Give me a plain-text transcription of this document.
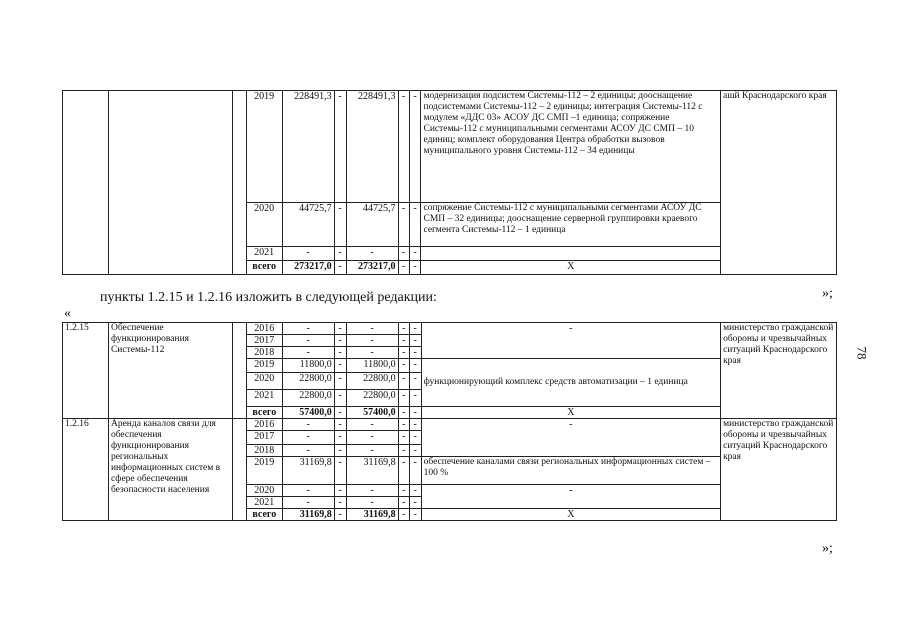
			2019	228491,3	-	228491,3	-	-	модернизация подсистем Системы-112 – 2 единицы; дооснащение подсистемами Системы-112 – 2 единицы; интеграция Системы-112 с модулем «ДДС 03» АСОУ ДС СМП –1 единица; сопряжение Системы-112 с муниципальными сегментами АСОУ ДС СМП – 10 единиц; комплект оборудования Центра обработки вызовов муниципального уровня Системы-112 – 34 единицы	ашй Краснодарского края
			2020	44725,7	-	44725,7	-	-	сопряжение Системы-112 с муниципальными сегментами АСОУ ДС СМП – 32 единицы; дооснащение серверной группировки краевого сегмента Системы-112 – 1 единица	
			2021	-	-	-	-	-		
			всего	273217,0	-	273217,0	-	-	X	
пункты 1.2.15 и 1.2.16 изложить в следующей редакции:	»;
«
1.2.15	Обеспечение функционирования Системы-112		2016	-	-	-	-	-	-	министерство гражданской обороны и чрезвычайных ситуаций Краснодарского края
			2017	-	-	-	-	-		
			2018	-	-	-	-	-		
			2019	11800,0	-	11800,0	-	-	функционирующий комплекс средств автоматизации – 1 единица	
			2020	22800,0	-	22800,0	-	-		
			2021	22800,0	-	22800,0	-	-		
			всего	57400,0	-	57400,0	-	-	X	
1.2.16	Аренда каналов связи для обеспечения функционирования региональных информационных систем в сфере обеспечения безопасности населения		2016	-	-	-	-	-	-	министерство гражданской обороны и чрезвычайных ситуаций Краснодарского края
			2017	-	-	-	-	-		
			2018	-	-	-	-	-		
			2019	31169,8	-	31169,8	-	-	обеспечение каналами связи региональных информационных систем – 100 %	
			2020	-	-	-	-	-	-	
			2021	-	-	-	-	-		
			всего	31169,8	-	31169,8	-	-	X	
»;
78
